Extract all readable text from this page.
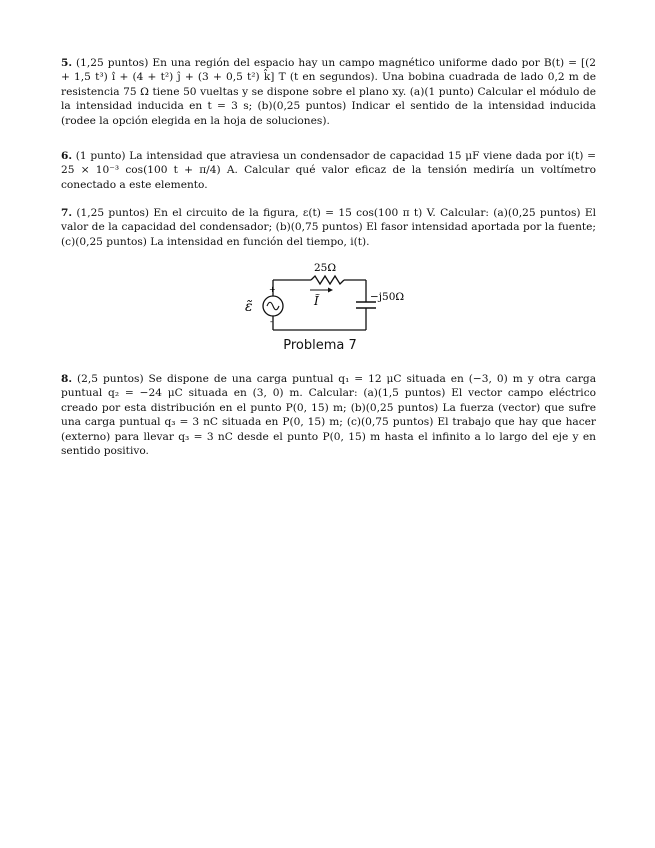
5. (1,25 puntos) En una región del espacio hay un campo magnético uniforme dado por B(t) = [(2 + 1,5 t³) î + (4 + t²) ĵ + (3 + 0,5 t²) k̂] T (t en segundos). Una bobina cuadrada de lado 0,2 m de resistencia 75 Ω tiene 50 vueltas y se dispone sobre el plano xy. (a)(1 punto) Calcular el módulo de la intensidad inducida en t = 3 s; (b)(0,25 puntos) Indicar el sentido de la intensidad inducida (rodee la opción elegida en la hoja de soluciones).
6. (1 punto) La intensidad que atraviesa un condensador de capacidad 15 μF viene dada por i(t) = 25 × 10⁻³ cos(100 t + π/4) A. Calcular qué valor eficaz de la tensión mediría un voltímetro conectado a este elemento.
7. (1,25 puntos) En el circuito de la figura, ε(t) = 15 cos(100 π t) V. Calcular: (a)(0,25 puntos) El valor de la capacidad del condensador; (b)(0,75 puntos) El fasor intensidad aportada por la fuente; (c)(0,25 puntos) La intensidad en función del tiempo, i(t).
+
-
25Ω
−j50Ω
ε̃	Ĩ
Problema 7
8. (2,5 puntos) Se dispone de una carga puntual q₁ = 12 μC situada en (−3, 0) m y otra carga puntual q₂ = −24 μC situada en (3, 0) m. Calcular: (a)(1,5 puntos) El vector campo eléctrico creado por esta distribución en el punto P(0, 15) m; (b)(0,25 puntos) La fuerza (vector) que sufre una carga puntual q₃ = 3 nC situada en P(0, 15) m; (c)(0,75 puntos) El trabajo que hay que hacer (externo) para llevar q₃ = 3 nC desde el punto P(0, 15) m hasta el infinito a lo largo del eje y en sentido positivo.
